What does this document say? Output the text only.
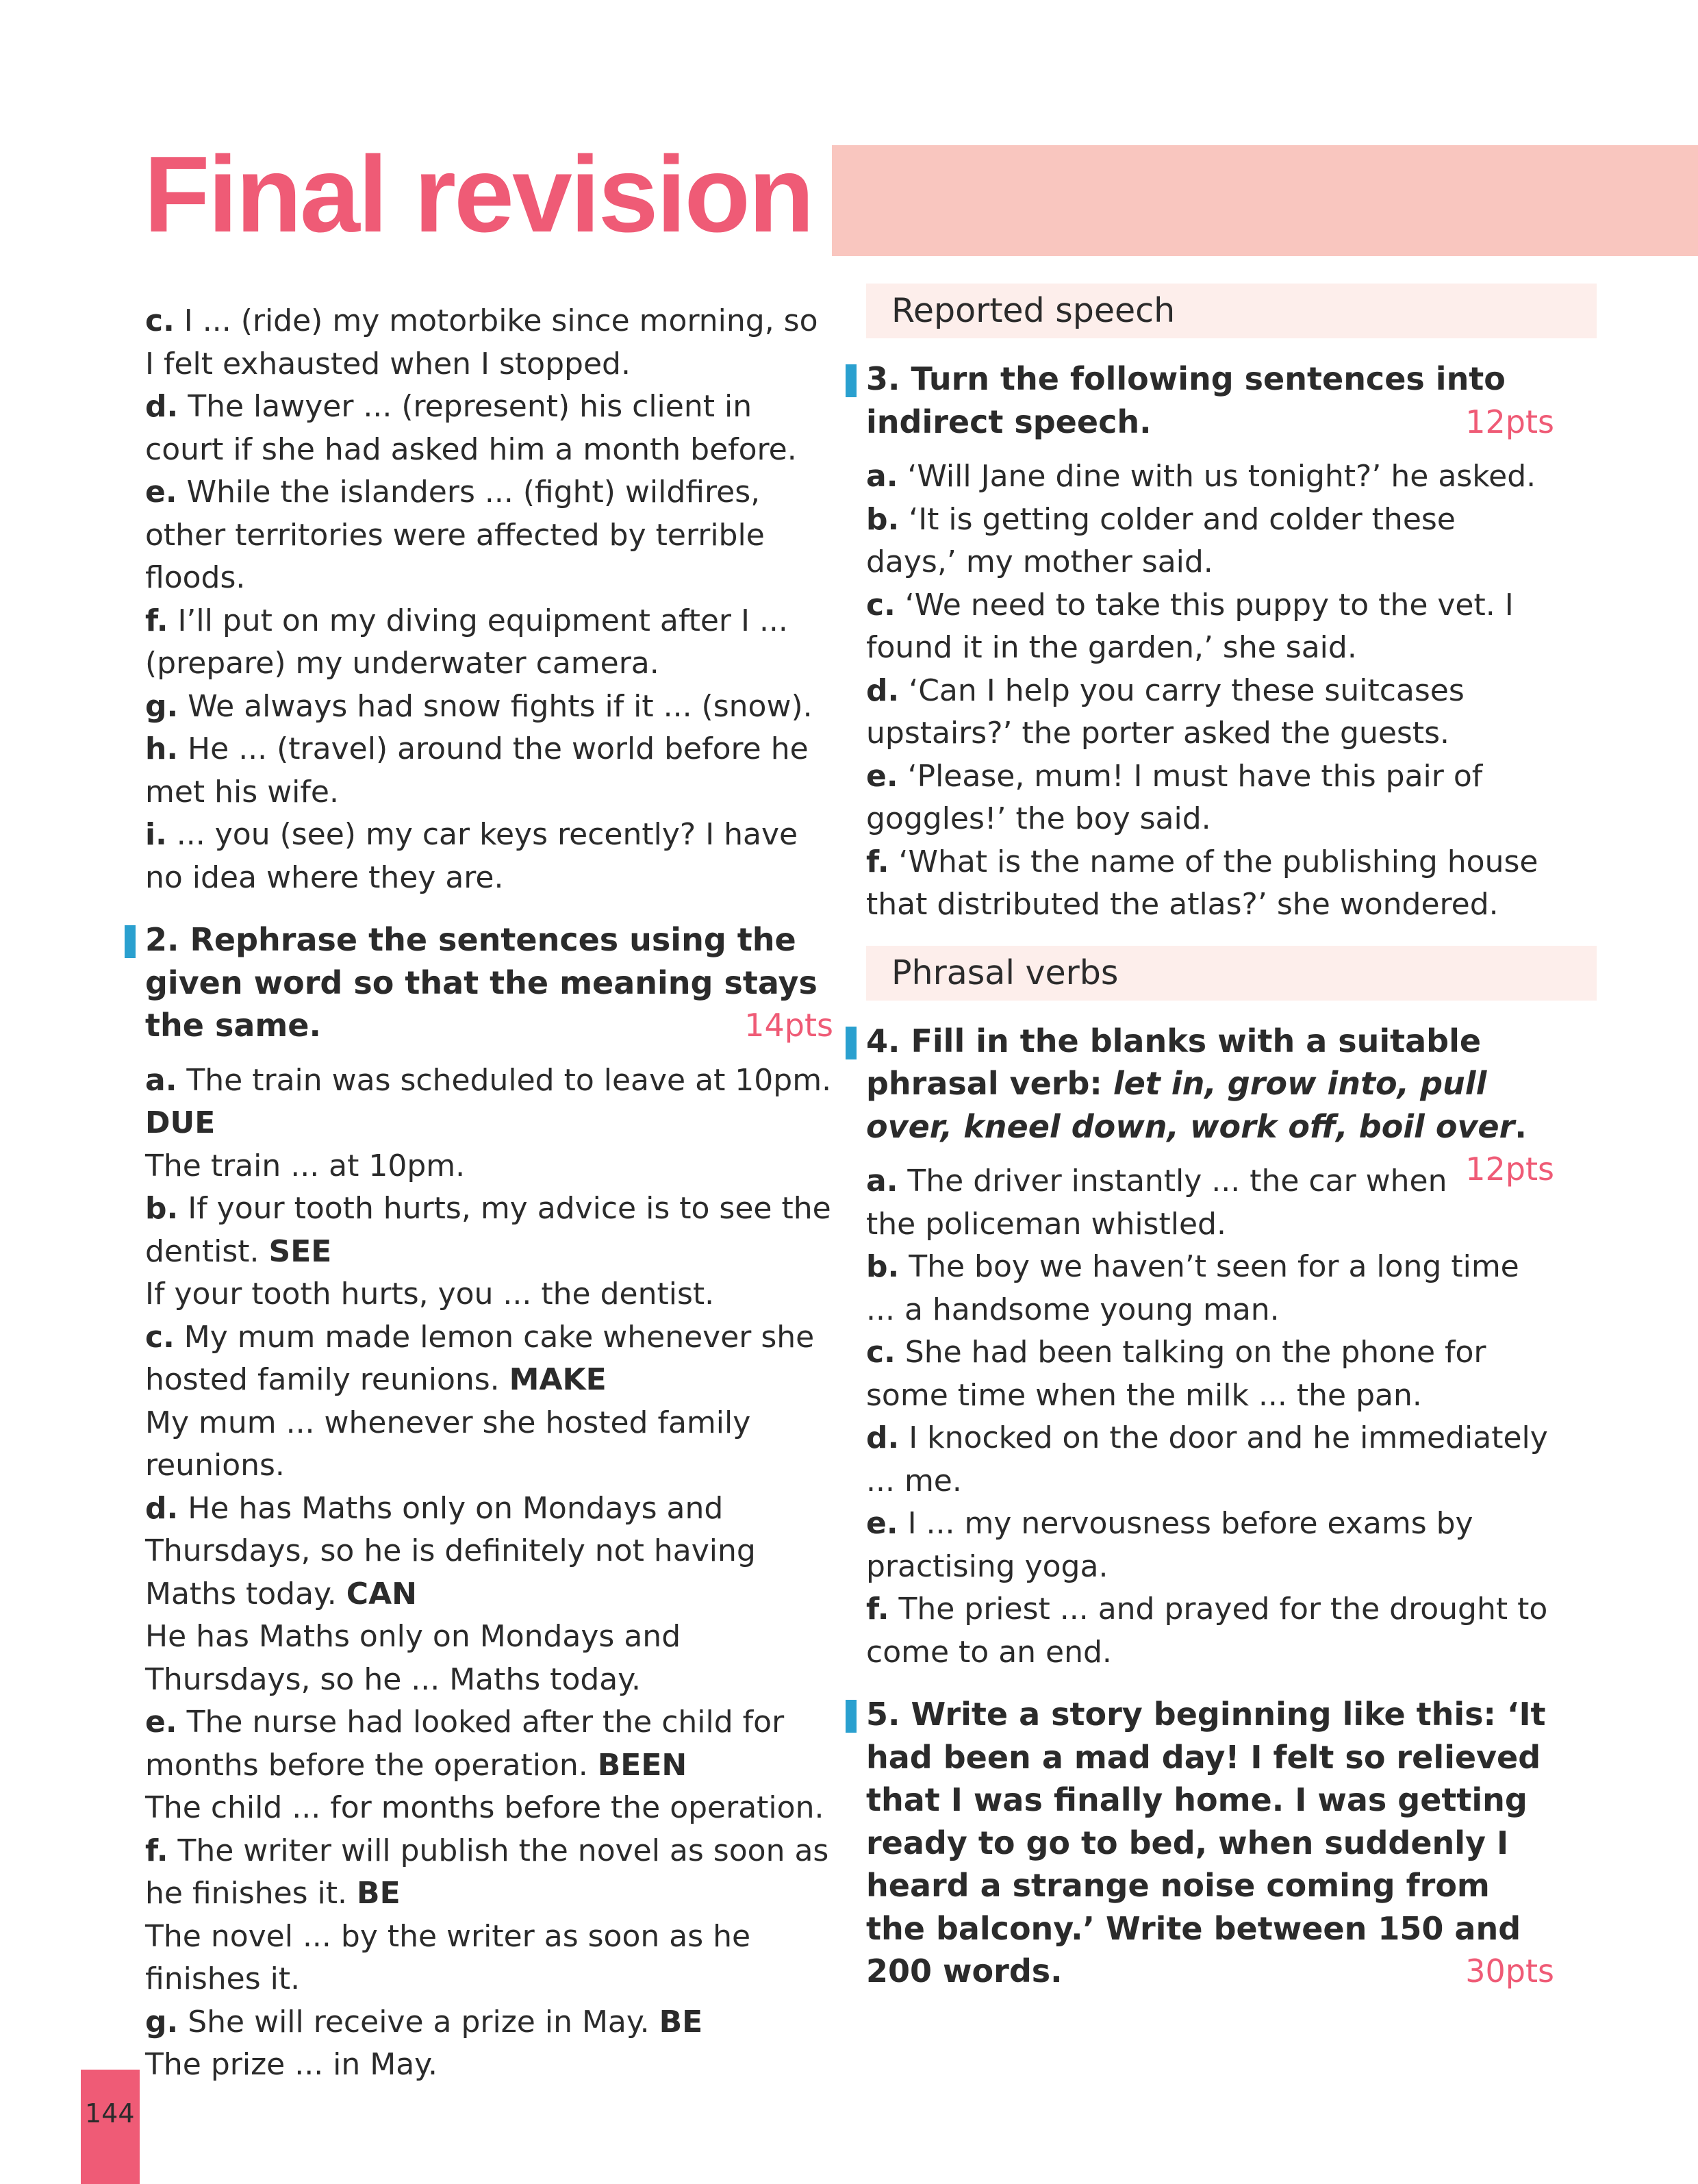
Final revision

c. I ... (ride) my motorbike since morning, so I felt exhausted when I stopped.

d. The lawyer ... (represent) his client in court if she had asked him a month before.

e. While the islanders ... (fight) wildfires, other territories were affected by terrible floods.

f. I’ll put on my diving equipment after I ... (prepare) my underwater camera.

g. We always had snow fights if it ... (snow).

h. He ... (travel) around the world before he met his wife.

i. ... you (see) my car keys recently? I have no idea where they are.

2. Rephrase the sentences using the given word so that the meaning stays the same.	14pts

a. The train was scheduled to leave at 10pm.

DUE

The train ... at 10pm.

b. If your tooth hurts, my advice is to see the dentist. SEE

If your tooth hurts, you ... the dentist.

c. My mum made lemon cake whenever she hosted family reunions. MAKE

My mum ... whenever she hosted family reunions.

d. He has Maths only on Mondays and Thursdays, so he is definitely not having Maths today. CAN

He has Maths only on Mondays and Thursdays, so he ... Maths today.

e. The nurse had looked after the child for months before the operation. BEEN

The child ... for months before the operation.

f. The writer will publish the novel as soon as he finishes it. BE

The novel ... by the writer as soon as he finishes it.

g. She will receive a prize in May. BE

The prize ... in May.

Reported speech

3. Turn the following sentences into indirect speech.	12pts

a. ‘Will Jane dine with us tonight?’ he asked.

b. ‘It is getting colder and colder these days,’ my mother said.

c. ‘We need to take this puppy to the vet. I found it in the garden,’ she said.

d. ‘Can I help you carry these suitcases upstairs?’ the porter asked the guests.

e. ‘Please, mum! I must have this pair of goggles!’ the boy said.

f. ‘What is the name of the publishing house that distributed the atlas?’ she wondered.

Phrasal verbs

4. Fill in the blanks with a suitable phrasal verb: let in, grow into, pull over, kneel down, work off, boil over.
12pts

a. The driver instantly ... the car when the policeman whistled.

b. The boy we haven’t seen for a long time ... a handsome young man.

c. She had been talking on the phone for some time when the milk ... the pan.

d. I knocked on the door and he immediately ... me.

e. I ... my nervousness before exams by practising yoga.

f. The priest ... and prayed for the drought to come to an end.

5. Write a story beginning like this: ‘It had been a mad day! I felt so relieved that I was finally home. I was getting ready to go to bed, when suddenly I heard a strange noise coming from the balcony.’ Write between 150 and 200 words.	30pts

144
